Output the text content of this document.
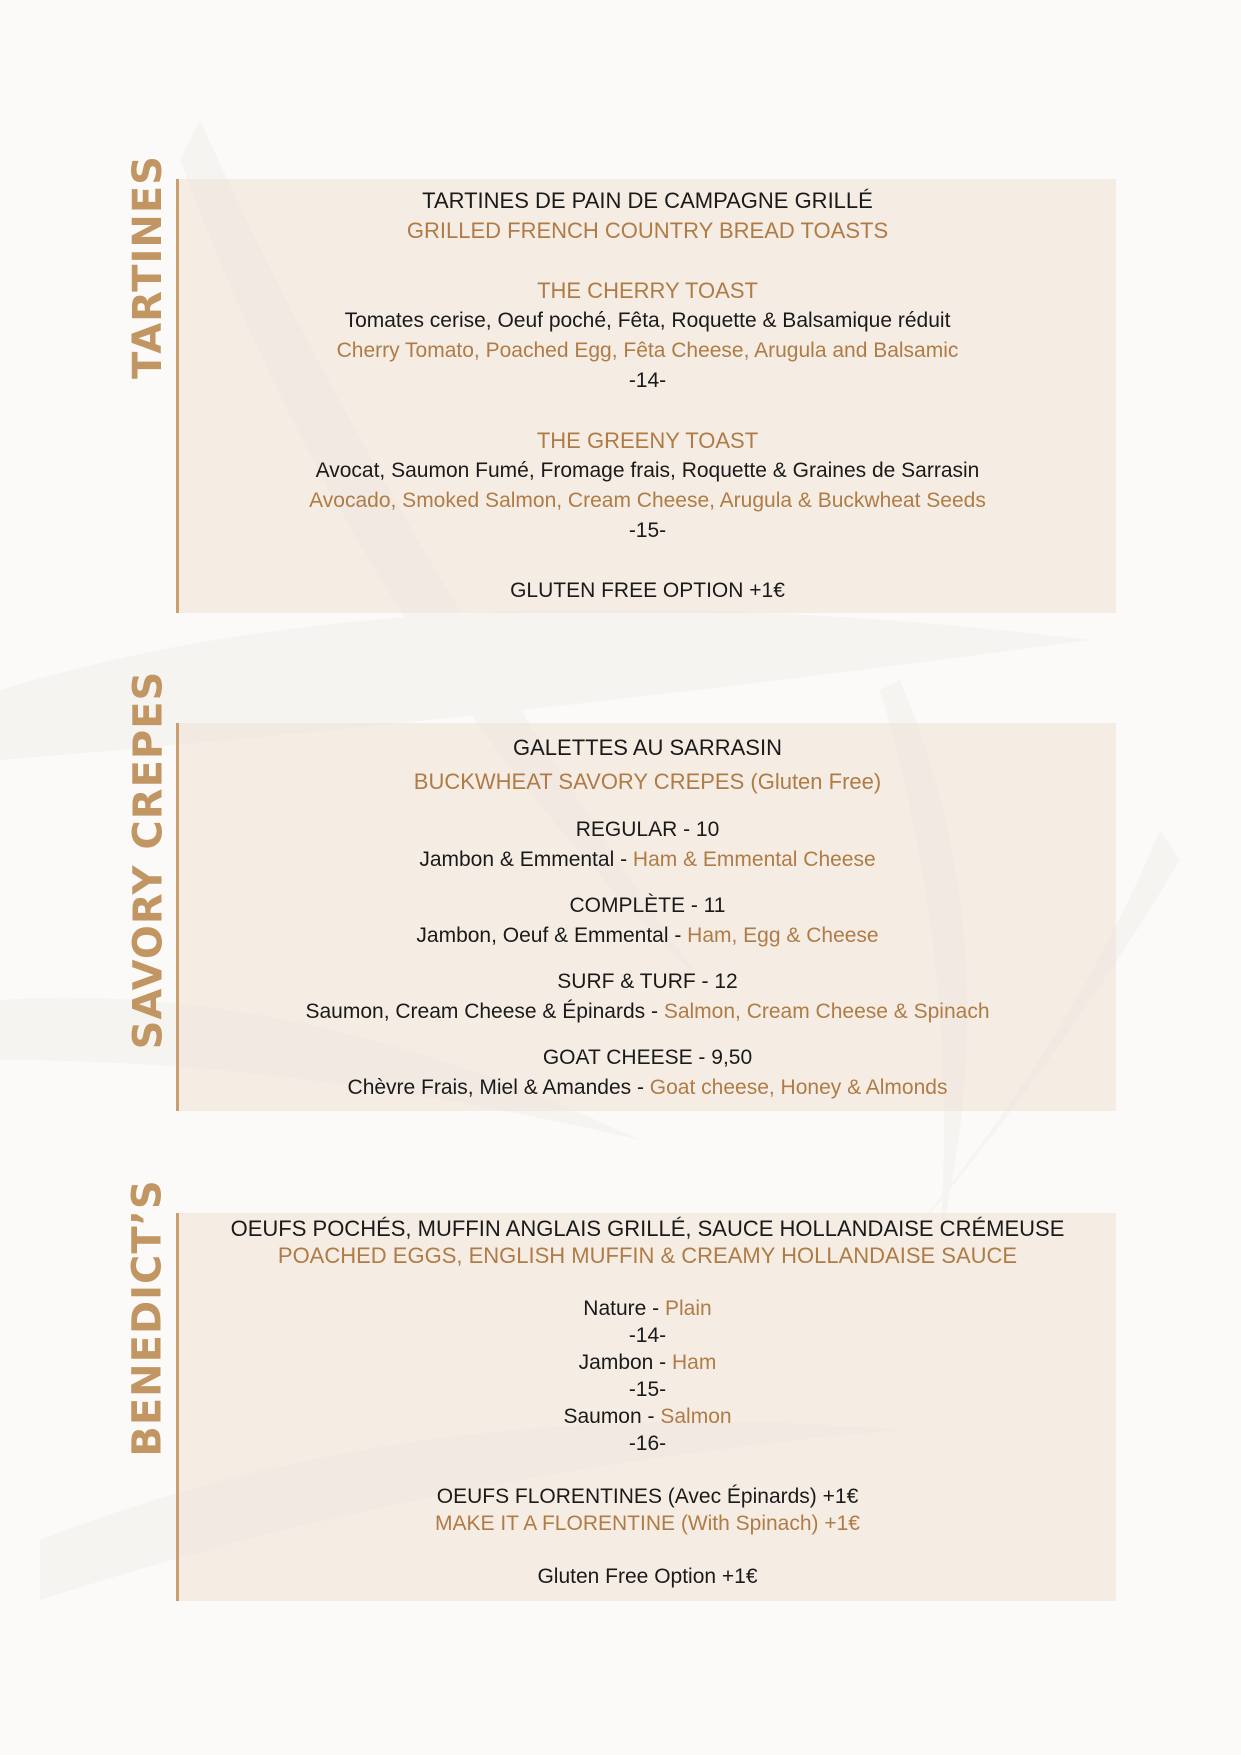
TARTINES	TARTINES DE PAIN DE CAMPAGNE GRILLÉ
GRILLED FRENCH COUNTRY BREAD TOASTS
THE CHERRY TOAST
Tomates cerise, Oeuf poché, Fêta, Roquette & Balsamique réduit
Cherry Tomato, Poached Egg, Fêta Cheese, Arugula and Balsamic
-14-
THE GREENY TOAST
Avocat, Saumon Fumé, Fromage frais, Roquette & Graines de Sarrasin
Avocado, Smoked Salmon, Cream Cheese, Arugula & Buckwheat Seeds
-15-
GLUTEN FREE OPTION +1€
SAVORY CREPES	GALETTES AU SARRASIN
BUCKWHEAT SAVORY CREPES (Gluten Free)
REGULAR - 10
Jambon & Emmental - Ham & Emmental Cheese
COMPLÈTE - 11
Jambon, Oeuf & Emmental - Ham, Egg & Cheese
SURF & TURF - 12
Saumon, Cream Cheese & Épinards - Salmon, Cream Cheese & Spinach
GOAT CHEESE - 9,50
Chèvre Frais, Miel & Amandes - Goat cheese, Honey & Almonds
BENEDICT’S	OEUFS POCHÉS, MUFFIN ANGLAIS GRILLÉ, SAUCE HOLLANDAISE CRÉMEUSE
POACHED EGGS, ENGLISH MUFFIN & CREAMY HOLLANDAISE SAUCE
Nature - Plain
-14-
Jambon - Ham
-15-
Saumon - Salmon
-16-
OEUFS FLORENTINES (Avec Épinards) +1€
MAKE IT A FLORENTINE (With Spinach) +1€
Gluten Free Option +1€
